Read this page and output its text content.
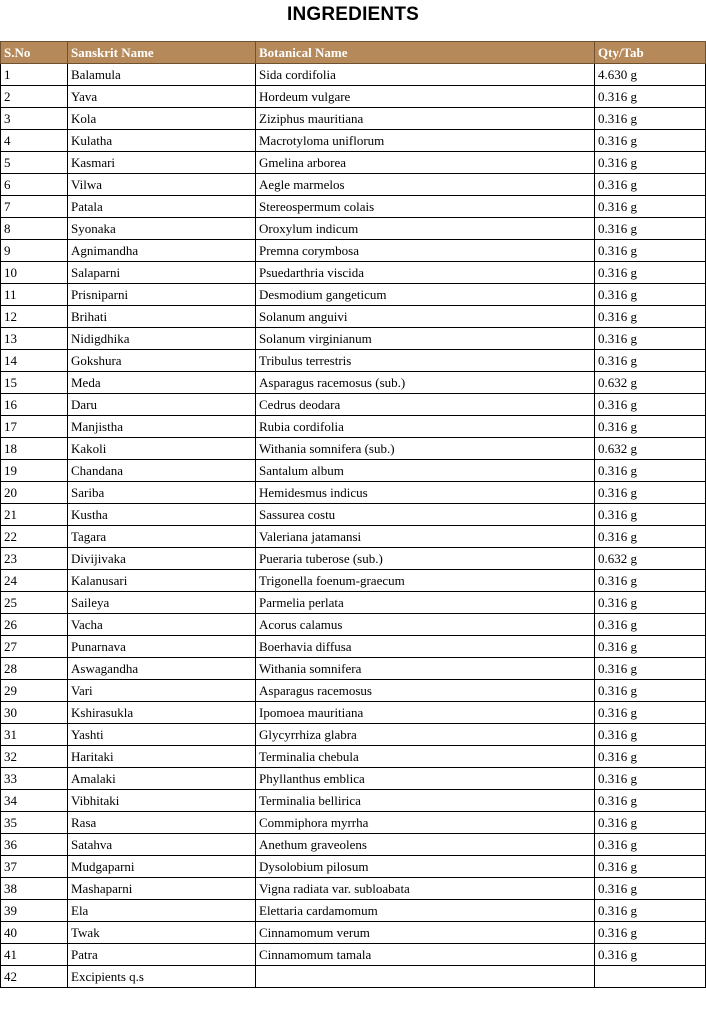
INGREDIENTS
S.No	Sanskrit Name	Botanical Name	Qty/Tab
1	Balamula	Sida cordifolia	4.630 g
2	Yava	Hordeum vulgare	0.316 g
3	Kola	Ziziphus mauritiana	0.316 g
4	Kulatha	Macrotyloma uniflorum	0.316 g
5	Kasmari	Gmelina arborea	0.316 g
6	Vilwa	Aegle marmelos	0.316 g
7	Patala	Stereospermum colais	0.316 g
8	Syonaka	Oroxylum indicum	0.316 g
9	Agnimandha	Premna corymbosa	0.316 g
10	Salaparni	Psuedarthria viscida	0.316 g
11	Prisniparni	Desmodium gangeticum	0.316 g
12	Brihati	Solanum anguivi	0.316 g
13	Nidigdhika	Solanum virginianum	0.316 g
14	Gokshura	Tribulus terrestris	0.316 g
15	Meda	Asparagus racemosus (sub.)	0.632 g
16	Daru	Cedrus deodara	0.316 g
17	Manjistha	Rubia cordifolia	0.316 g
18	Kakoli	Withania somnifera (sub.)	0.632 g
19	Chandana	Santalum album	0.316 g
20	Sariba	Hemidesmus indicus	0.316 g
21	Kustha	Sassurea costu	0.316 g
22	Tagara	Valeriana jatamansi	0.316 g
23	Divijivaka	Pueraria tuberose (sub.)	0.632 g
24	Kalanusari	Trigonella foenum-graecum	0.316 g
25	Saileya	Parmelia perlata	0.316 g
26	Vacha	Acorus calamus	0.316 g
27	Punarnava	Boerhavia diffusa	0.316 g
28	Aswagandha	Withania somnifera	0.316 g
29	Vari	Asparagus racemosus	0.316 g
30	Kshirasukla	Ipomoea mauritiana	0.316 g
31	Yashti	Glycyrrhiza glabra	0.316 g
32	Haritaki	Terminalia chebula	0.316 g
33	Amalaki	Phyllanthus emblica	0.316 g
34	Vibhitaki	Terminalia bellirica	0.316 g
35	Rasa	Commiphora myrrha	0.316 g
36	Satahva	Anethum graveolens	0.316 g
37	Mudgaparni	Dysolobium pilosum	0.316 g
38	Mashaparni	Vigna radiata var. subloabata	0.316 g
39	Ela	Elettaria cardamomum	0.316 g
40	Twak	Cinnamomum verum	0.316 g
41	Patra	Cinnamomum tamala	0.316 g
42	Excipients q.s		
